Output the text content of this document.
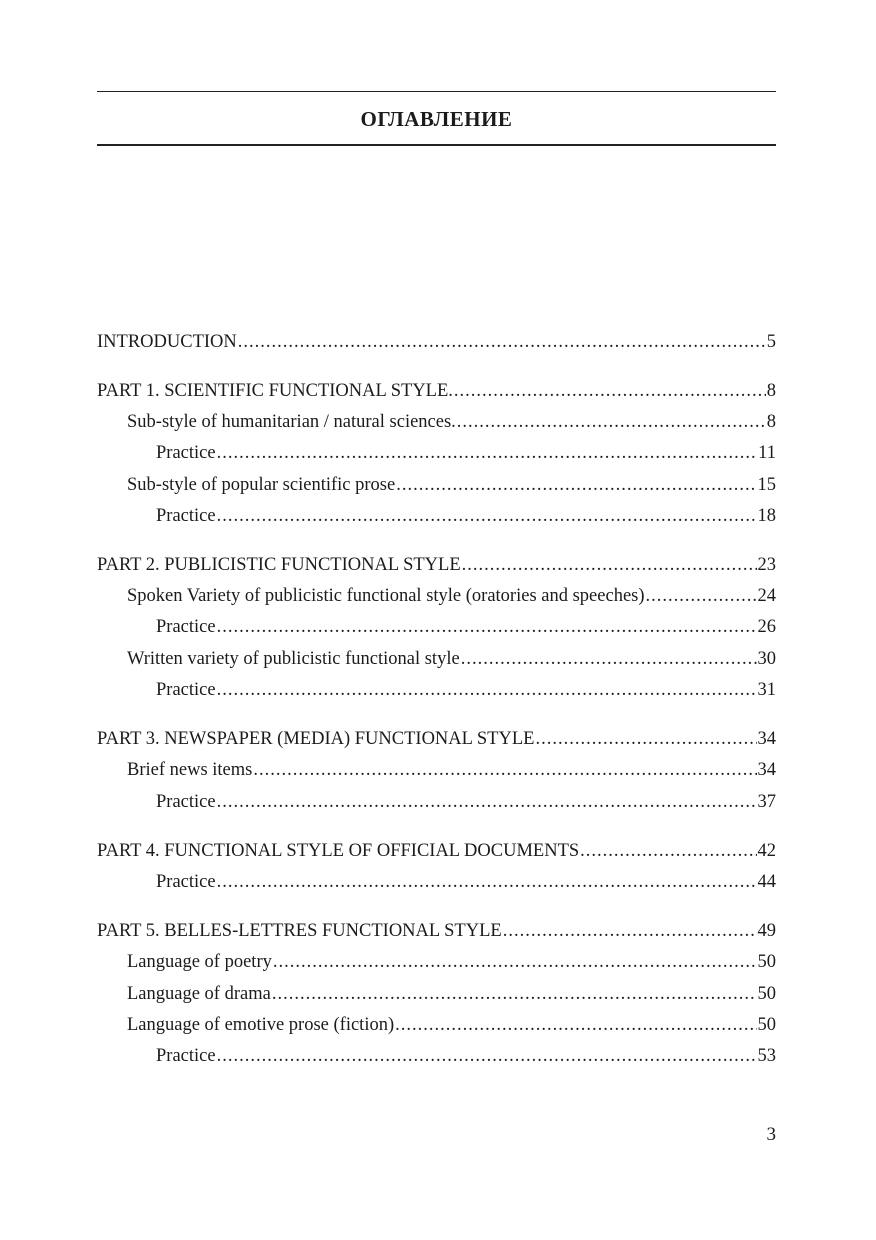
ОГЛАВЛЕНИЕ
INTRODUCTION .....	5
PART 1. SCIENTIFIC FUNCTIONAL STYLE. .....	8
Sub-style of humanitarian / natural sciences. .....	8
Practice .....	11
Sub-style of popular scientific prose .....	15
Practice .....	18
PART 2. PUBLICISTIC FUNCTIONAL STYLE .....	23
Spoken Variety of publicistic functional style (oratories and speeches) .....	24
Practice .....	26
Written variety of publicistic functional style .....	30
Practice .....	31
PART 3. NEWSPAPER (MEDIA) FUNCTIONAL STYLE .....	34
Brief news items .....	34
Practice .....	37
PART 4. FUNCTIONAL STYLE OF OFFICIAL DOCUMENTS .....	42
Practice .....	44
PART 5. BELLES-LETTRES FUNCTIONAL STYLE .....	49
Language of poetry .....	50
Language of drama .....	50
Language of emotive prose (fiction) .....	50
Practice .....	53
3
